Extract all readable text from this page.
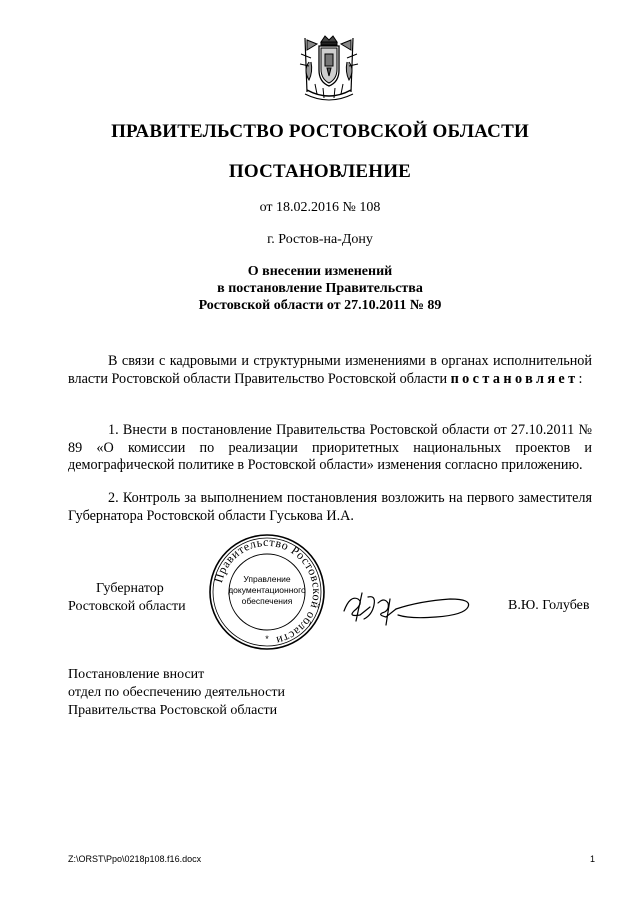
ПРАВИТЕЛЬСТВО РОСТОВСКОЙ ОБЛАСТИ
ПОСТАНОВЛЕНИЕ
от 18.02.2016 № 108
г. Ростов-на-Дону
О внесении изменений
в постановление Правительства
Ростовской области от 27.10.2011 № 89
В связи с кадровыми и структурными изменениями в органах исполнительной власти Ростовской области Правительство Ростовской области постановляет:
1. Внести в постановление Правительства Ростовской области от 27.10.2011 № 89 «О комиссии по реализации приоритетных национальных проектов и демографической политике в Ростовской области» изменения согласно приложению.
2. Контроль за выполнением постановления возложить на первого заместителя Губернатора Ростовской области Гуськова И.А.
Губернатор
Ростовской области
Правительство Ростовской области
Управление
документационного
обеспечения
*
В.Ю. Голубев
Постановление вносит
отдел по обеспечению деятельности
Правительства Ростовской области
Z:\ORST\Ppo\0218p108.f16.docx	1
